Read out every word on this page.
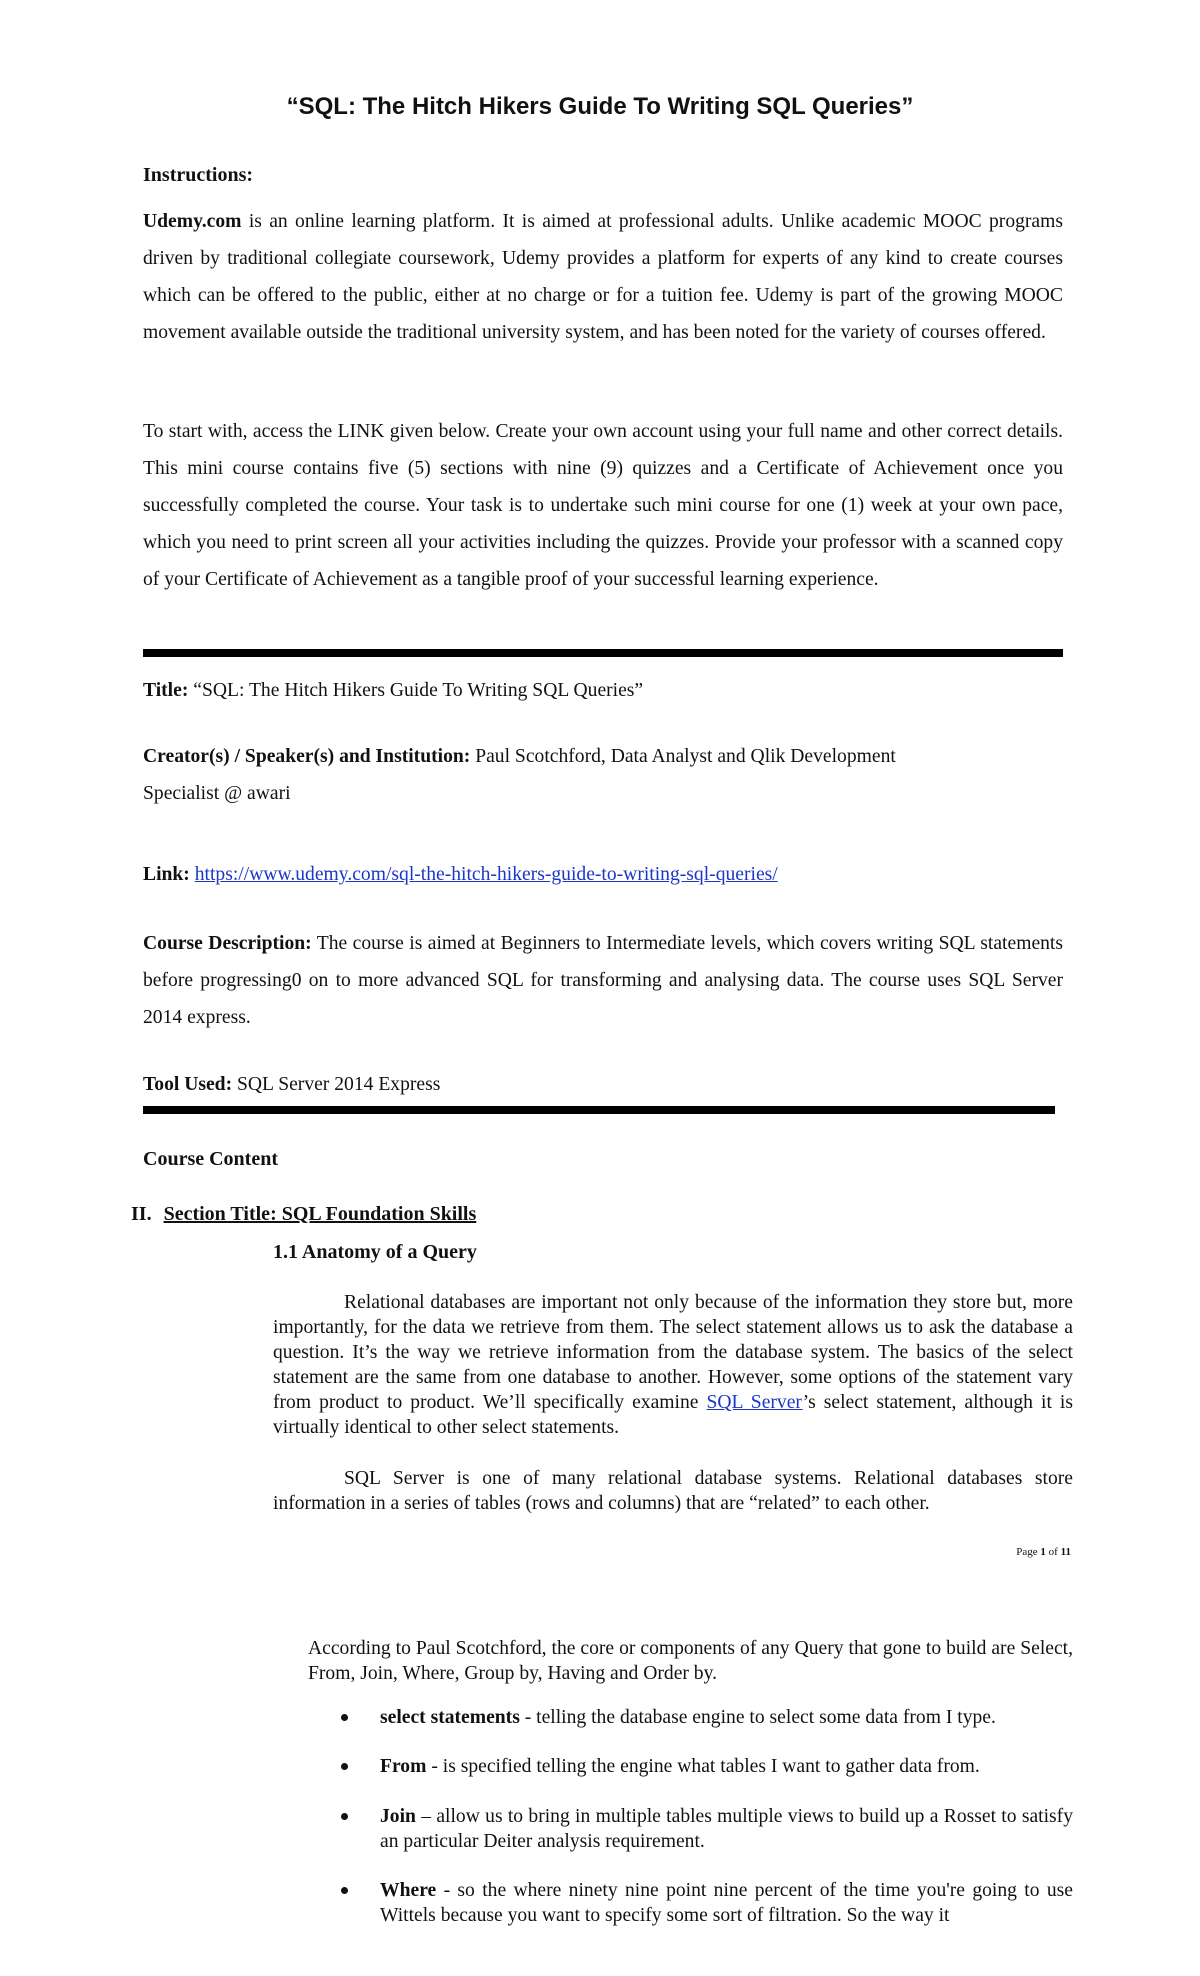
“SQL: The Hitch Hikers Guide To Writing SQL Queries”
Instructions:

Udemy.com is an online learning platform. It is aimed at professional adults. Unlike academic MOOC programs driven by traditional collegiate coursework, Udemy provides a platform for experts of any kind to create courses which can be offered to the public, either at no charge or for a tuition fee. Udemy is part of the growing MOOC movement available outside the traditional university system, and has been noted for the variety of courses offered.

To start with, access the LINK given below. Create your own account using your full name and other correct details. This mini course contains five (5) sections with nine (9) quizzes and a Certificate of Achievement once you successfully completed the course. Your task is to undertake such mini course for one (1) week at your own pace, which you need to print screen all your activities including the quizzes. Provide your professor with a scanned copy of your Certificate of Achievement as a tangible proof of your successful learning experience.

Title: “SQL: The Hitch Hikers Guide To Writing SQL Queries”

Creator(s) / Speaker(s) and Institution: Paul Scotchford, Data Analyst and Qlik Development
Specialist @ awari

Link: https://www.udemy.com/sql-the-hitch-hikers-guide-to-writing-sql-queries/

Course Description: The course is aimed at Beginners to Intermediate levels, which covers writing SQL statements before progressing0 on to more advanced SQL for transforming and analysing data. The course uses SQL Server 2014 express.

Tool Used: SQL Server 2014 Express

Course Content
II. Section Title: SQL Foundation Skills
1.1 Anatomy of a Query

Relational databases are important not only because of the information they store but, more importantly, for the data we retrieve from them. The select statement allows us to ask the database a question. It’s the way we retrieve information from the database system. The basics of the select statement are the same from one database to another. However, some options of the statement vary from product to product. We’ll specifically examine SQL Server’s select statement, although it is virtually identical to other select statements.

SQL Server is one of many relational database systems. Relational databases store information in a series of tables (rows and columns) that are “related” to each other.

Page 1 of 11

According to Paul Scotchford, the core or components of any Query that gone to build are Select, From, Join, Where, Group by, Having and Order by.

select statements - telling the database engine to select some data from I type.

From - is specified telling the engine what tables I want to gather data from.

Join – allow us to bring in multiple tables multiple views to build up a Rosset to satisfy an particular Deiter analysis requirement.

Where - so the where ninety nine point nine percent of the time you're going to use Wittels because you want to specify some sort of filtration. So the way it
